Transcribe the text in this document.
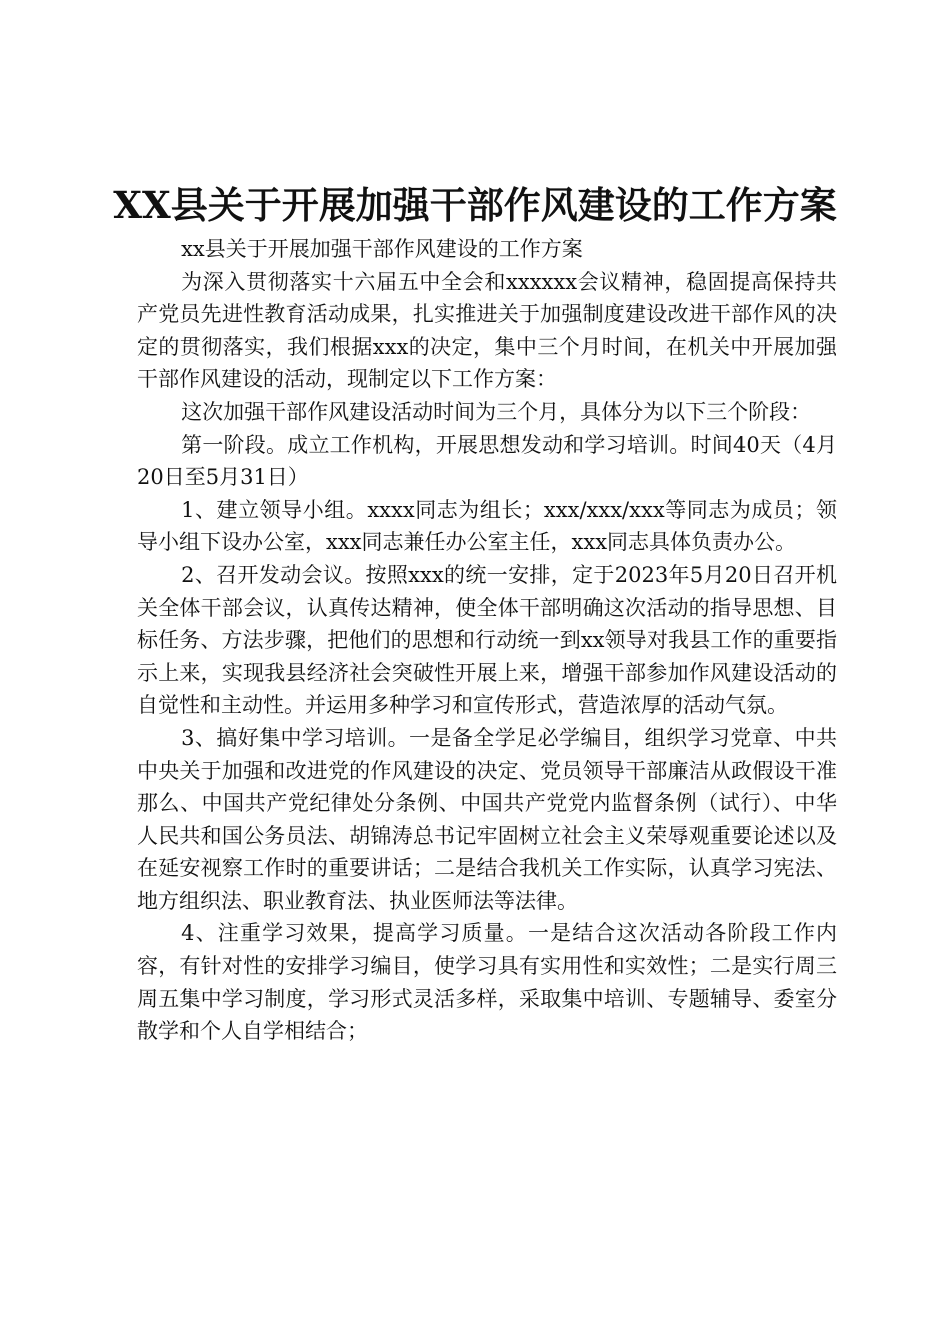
XX县关于开展加强干部作风建设的工作方案

xx县关于开展加强干部作风建设的工作方案

为深入贯彻落实十六届五中全会和xxxxxx会议精神，稳固提高保持共产党员先进性教育活动成果，扎实推进关于加强制度建设改进干部作风的决定的贯彻落实，我们根据xxx的决定，集中三个月时间，在机关中开展加强干部作风建设的活动，现制定以下工作方案：

这次加强干部作风建设活动时间为三个月，具体分为以下三个阶段：

第一阶段。成立工作机构，开展思想发动和学习培训。时间40天（4月20日至5月31日）

1、建立领导小组。xxxx同志为组长；xxx/xxx/xxx等同志为成员；领导小组下设办公室，xxx同志兼任办公室主任，xxx同志具体负责办公。

2、召开发动会议。按照xxx的统一安排，定于2023年5月20日召开机关全体干部会议，认真传达精神，使全体干部明确这次活动的指导思想、目标任务、方法步骤，把他们的思想和行动统一到xx领导对我县工作的重要指示上来，实现我县经济社会突破性开展上来，增强干部参加作风建设活动的自觉性和主动性。并运用多种学习和宣传形式，营造浓厚的活动气氛。

3、搞好集中学习培训。一是备全学足必学编目，组织学习党章、中共中央关于加强和改进党的作风建设的决定、党员领导干部廉洁从政假设干准那么、中国共产党纪律处分条例、中国共产党党内监督条例（试行）、中华人民共和国公务员法、胡锦涛总书记牢固树立社会主义荣辱观重要论述以及在延安视察工作时的重要讲话；二是结合我机关工作实际，认真学习宪法、地方组织法、职业教育法、执业医师法等法律。

4、注重学习效果，提高学习质量。一是结合这次活动各阶段工作内容，有针对性的安排学习编目，使学习具有实用性和实效性；二是实行周三周五集中学习制度，学习形式灵活多样，采取集中培训、专题辅导、委室分散学和个人自学相结合；
